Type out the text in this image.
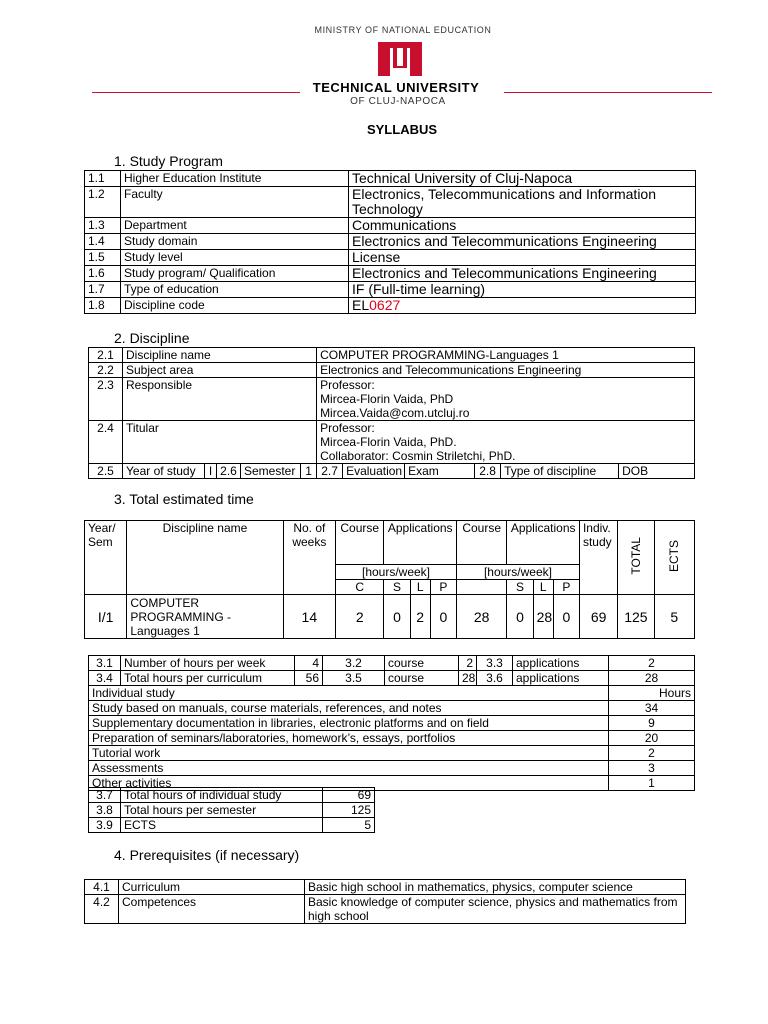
MINISTRY OF NATIONAL EDUCATION
TECHNICAL UNIVERSITY
OF CLUJ-NAPOCA
SYLLABUS
1. Study Program
1.1	Higher Education Institute	Technical University of Cluj-Napoca
1.2	Faculty	Electronics, Telecommunications and Information Technology
1.3	Department	Communications
1.4	Study domain	Electronics and Telecommunications Engineering
1.5	Study level	License
1.6	Study program/ Qualification	Electronics and Telecommunications Engineering
1.7	Type of education	IF (Full-time learning)
1.8	Discipline code	EL0627
2. Discipline
2.1	Discipline name					COMPUTER PROGRAMMING-Languages 1					
2.2	Subject area					Electronics and Telecommunications Engineering					
2.3	Responsible					Professor:
Mircea-Florin Vaida, PhD
Mircea.Vaida@com.utcluj.ro					

2.4	Titular					Professor:
Mircea-Florin Vaida, PhD.
Collaborator: Cosmin Striletchi, PhD.					

2.5	Year of study	I	2.6	Semester	1	2.7	Evaluation	Exam	2.8	Type of discipline	DOB
3. Total estimated time
Year/ Sem	Discipline name	No. of weeks	Course	Applications			Course	Applications			Indiv. study	TOTAL	ECTS
			[hours/week]				[hours/week]						
			C	S	L	P		S	L	P			
I/1	COMPUTER PROGRAMMING - Languages 1	14	2	0	2	0	28	0	28	0	69	125	5
3.1	Number of hours per week	4	3.2	course	2	3.3	applications	2
3.4	Total hours per curriculum	56	3.5	course	28	3.6	applications	28
Individual study								Hours
Study based on manuals, course materials, references, and notes								34
Supplementary documentation in libraries, electronic platforms and on field								9
Preparation of seminars/laboratories, homework’s, essays, portfolios								20
Tutorial work								2
Assessments								3
Other activities								1
3.7	Total hours of individual study	69
3.8	Total hours per semester	125
3.9	ECTS	5
4. Prerequisites (if necessary)
4.1	Curriculum	Basic high school in mathematics, physics, computer science
4.2	Competences	Basic knowledge of computer science, physics and mathematics from high school
